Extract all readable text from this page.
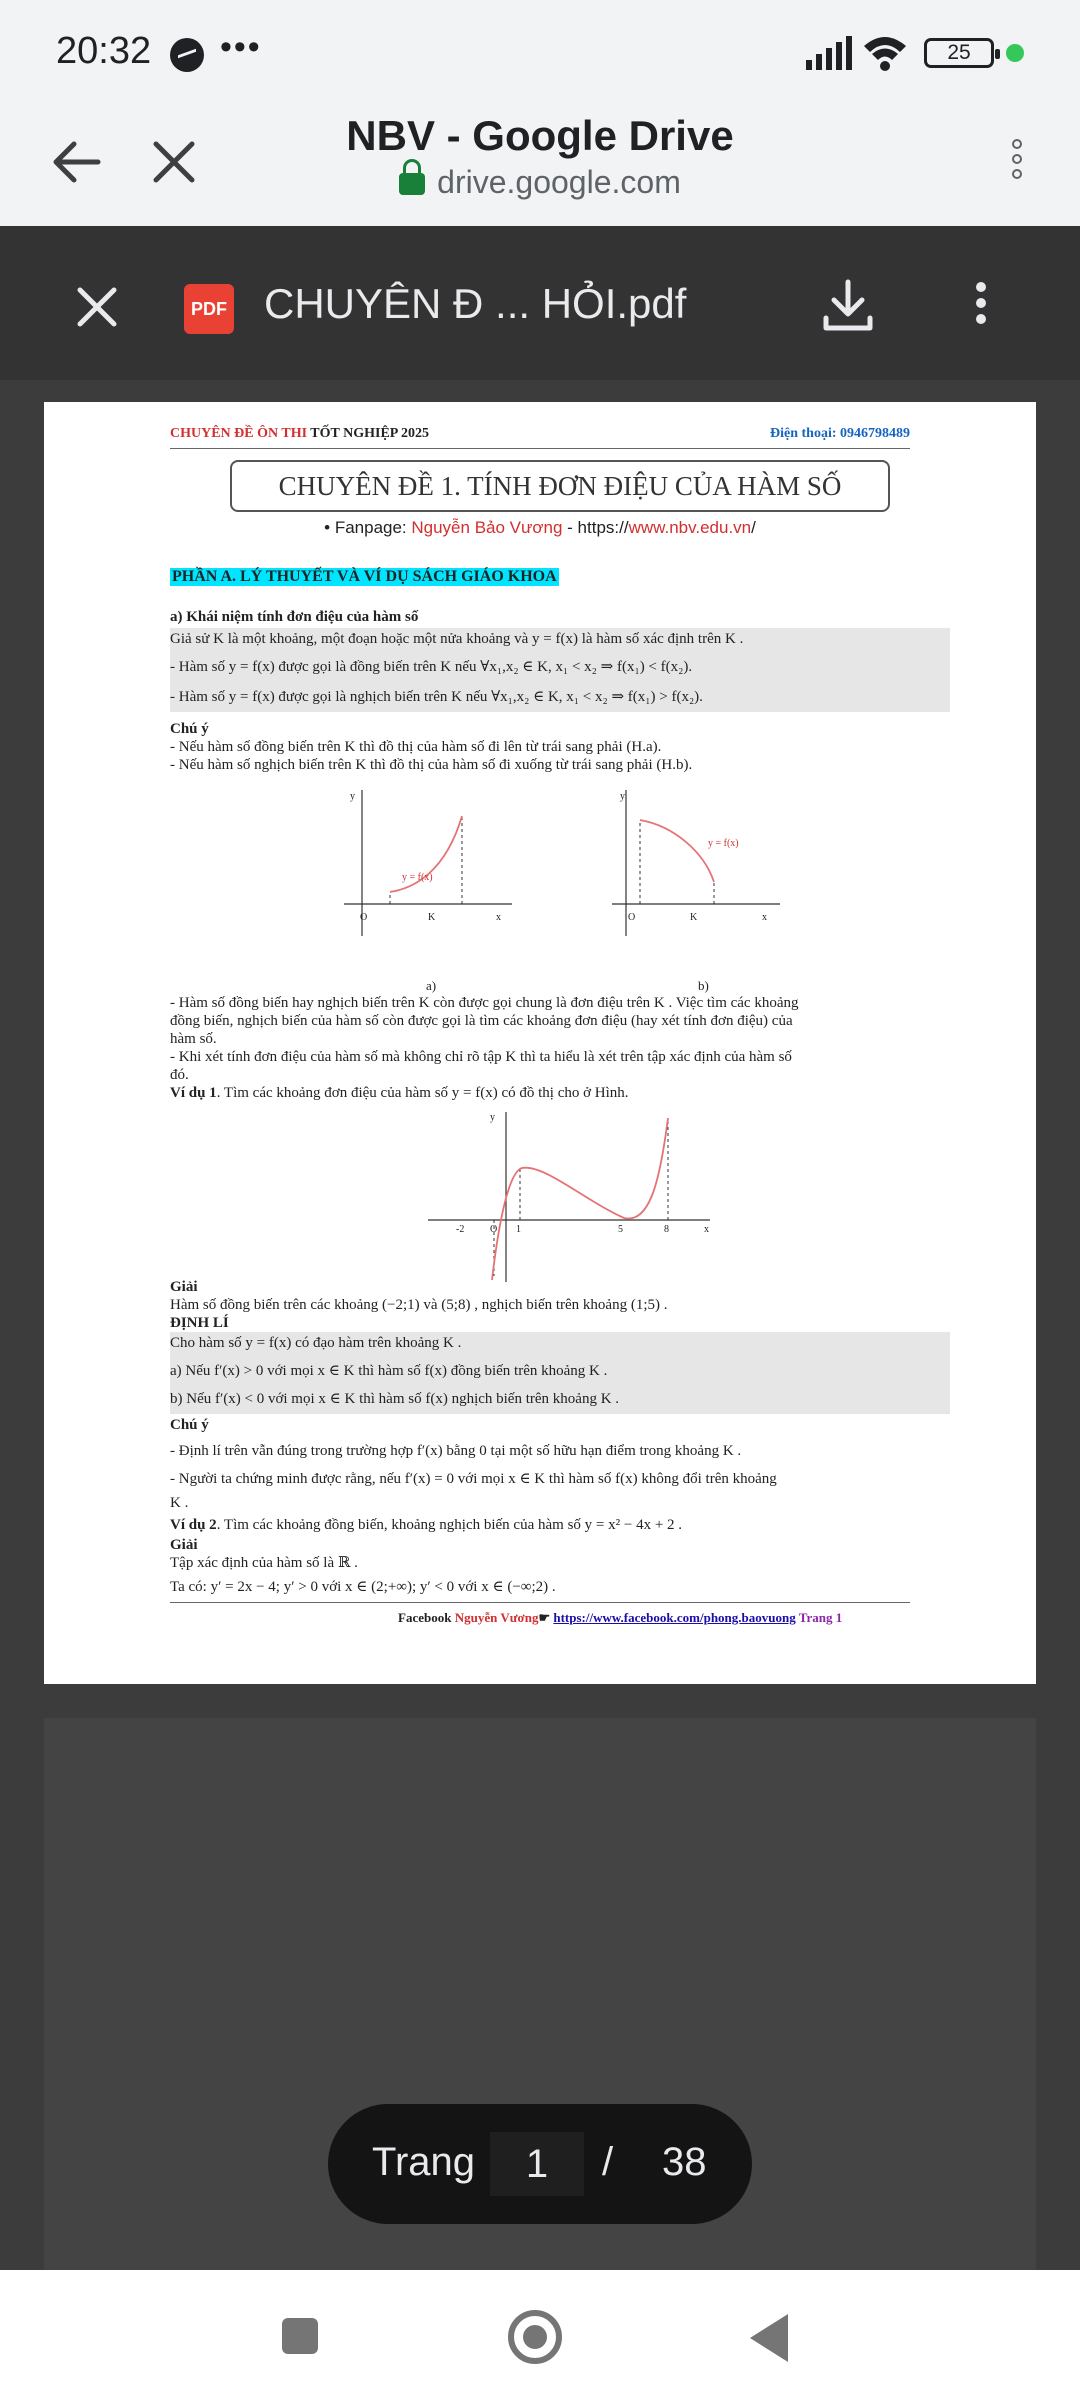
20:32 •••	25
NBV - Google Drive
drive.google.com
PDF CHUYÊN Đ ... HỎI.pdf
CHUYÊN ĐỀ ÔN THI TỐT NGHIỆP 2025	Điện thoại: 0946798489
CHUYÊN ĐỀ 1. TÍNH ĐƠN ĐIỆU CỦA HÀM SỐ
• Fanpage: Nguyễn Bảo Vương - https://www.nbv.edu.vn/
PHẦN A. LÝ THUYẾT VÀ VÍ DỤ SÁCH GIÁO KHOA
a) Khái niệm tính đơn điệu của hàm số
Giả sử K là một khoảng, một đoạn hoặc một nửa khoảng và y = f(x) là hàm số xác định trên K .
- Hàm số y = f(x) được gọi là đồng biến trên K nếu ∀x₁,x₂ ∈ K, x₁ < x₂ ⇒ f(x₁) < f(x₂).
- Hàm số y = f(x) được gọi là nghịch biến trên K nếu ∀x₁,x₂ ∈ K, x₁ < x₂ ⇒ f(x₁) > f(x₂).
Chú ý
- Nếu hàm số đồng biến trên K thì đồ thị của hàm số đi lên từ trái sang phải (H.a).
- Nếu hàm số nghịch biến trên K thì đồ thị của hàm số đi xuống từ trái sang phải (H.b).
y
y = f(x)
O	K	x
a)
y
y = f(x)
O	K	x
b)
- Hàm số đồng biến hay nghịch biến trên K còn được gọi chung là đơn điệu trên K . Việc tìm các khoảng
đồng biến, nghịch biến của hàm số còn được gọi là tìm các khoảng đơn điệu (hay xét tính đơn điệu) của
hàm số.
- Khi xét tính đơn điệu của hàm số mà không chỉ rõ tập K thì ta hiểu là xét trên tập xác định của hàm số
đó.
Ví dụ 1. Tìm các khoảng đơn điệu của hàm số y = f(x) có đồ thị cho ở Hình.
y
-2	O 1	5	8	x
Giải
Hàm số đồng biến trên các khoảng (−2;1) và (5;8) , nghịch biến trên khoảng (1;5) .
ĐỊNH LÍ
Cho hàm số y = f(x) có đạo hàm trên khoảng K .
a) Nếu f′(x) > 0 với mọi x ∈ K thì hàm số f(x) đồng biến trên khoảng K .
b) Nếu f′(x) < 0 với mọi x ∈ K thì hàm số f(x) nghịch biến trên khoảng K .
Chú ý
- Định lí trên vẫn đúng trong trường hợp f′(x) bằng 0 tại một số hữu hạn điểm trong khoảng K .
- Người ta chứng minh được rằng, nếu f′(x) = 0 với mọi x ∈ K thì hàm số f(x) không đổi trên khoảng
K .
Ví dụ 2. Tìm các khoảng đồng biến, khoảng nghịch biến của hàm số y = x² − 4x + 2 .
Giải
Tập xác định của hàm số là ℝ .
Ta có: y′ = 2x − 4; y′ > 0 với x ∈ (2;+∞); y′ < 0 với x ∈ (−∞;2) .
Facebook Nguyễn Vương☛ https://www.facebook.com/phong.baovuong Trang 1
Trang	1	/ 38
